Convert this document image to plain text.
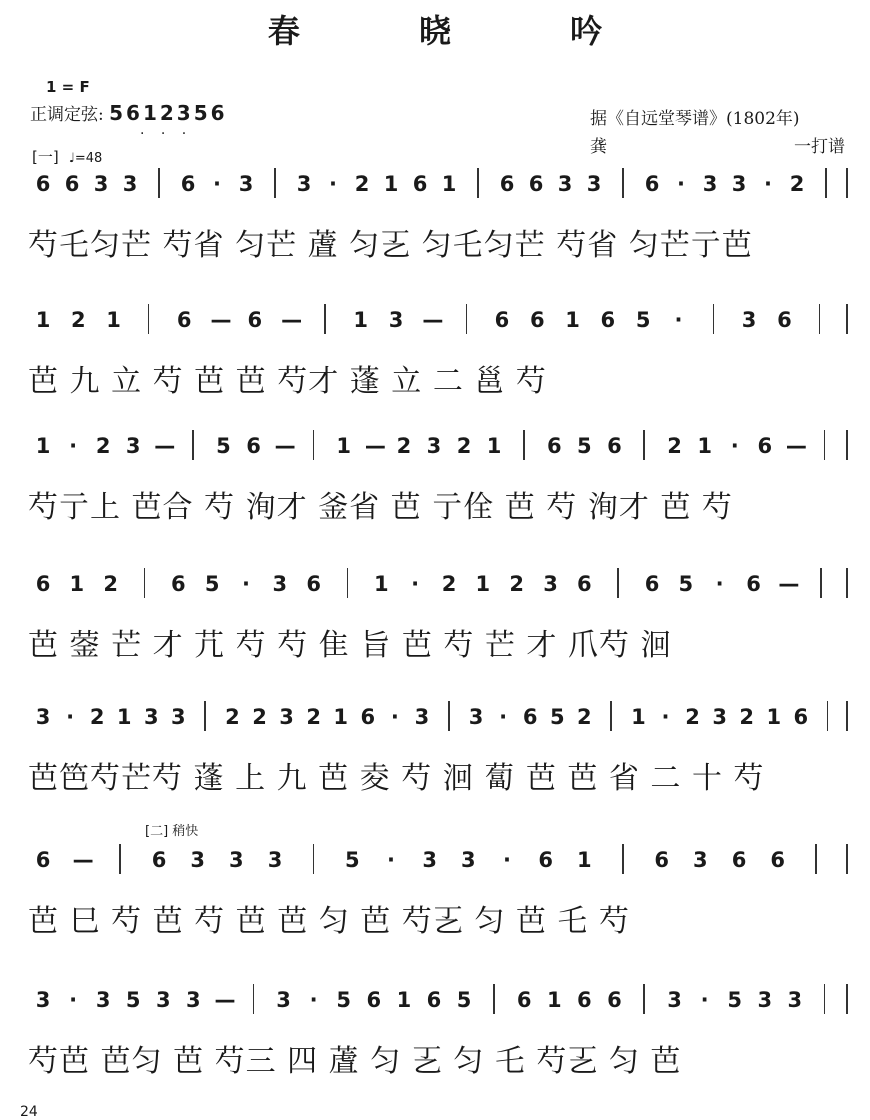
春 晓 吟
1 = F
正调定弦: 5612356
· · ·
据《自远堂琴谱》(1802年)
龚	一打谱
[一] ♩=48
[二] 稍快
6 6 3 3 6 · 3 3 · 2 1 6 1 6 6 3 3 6 · 3 3 · 2
芍乇匀芒 芍省 匀芒 蔖 匀㐉 匀乇匀芒 芍省 匀芒亍芭
1 2 1	6 — 6 — 1 3 — 6 6 1 6 5 ·	3 6
芭 九 立 芍 芭 芭 芍才 蓬 立 二 邕 芍
1 · 2 3 — 5 6 — 1 — 2 3 2 1 6 5 6 2 1 · 6 —
芍亍上 芭合 芍 洵才 釜省 芭 亍佺 芭 芍 洵才 芭 芍
6 1 2	6 5 · 3 6	1 · 2 1 2 3 6	6 5 · 6 —
芭 蓥 芒 才 芁 芍 芍 隹 旨 芭 芍 芒 才 爪芍 洄
3 · 2 1 3 3 2 2 3 2 1 6 · 3 3 · 6 5 2 1 · 2 3 2 1 6
芭笆芍芒芍 蓬 上 九 芭 夌 芍 洄 蔔 芭 芭 省 二 十 芍
6 —	6 3 3 3	5 · 3 3 · 6 1	6 3 6 6
芭 巳 芍 芭 芍 芭 芭 匀 芭 芍㐉 匀 芭 乇 芍
3 · 3 5 3 3 — 3 · 5 6 1 6 5 6 1 6 6 3 · 5 3 3
芍芭 芭匀 芭 芍三 四 蔖 匀 㐉 匀 乇 芍㐉 匀 芭
24
